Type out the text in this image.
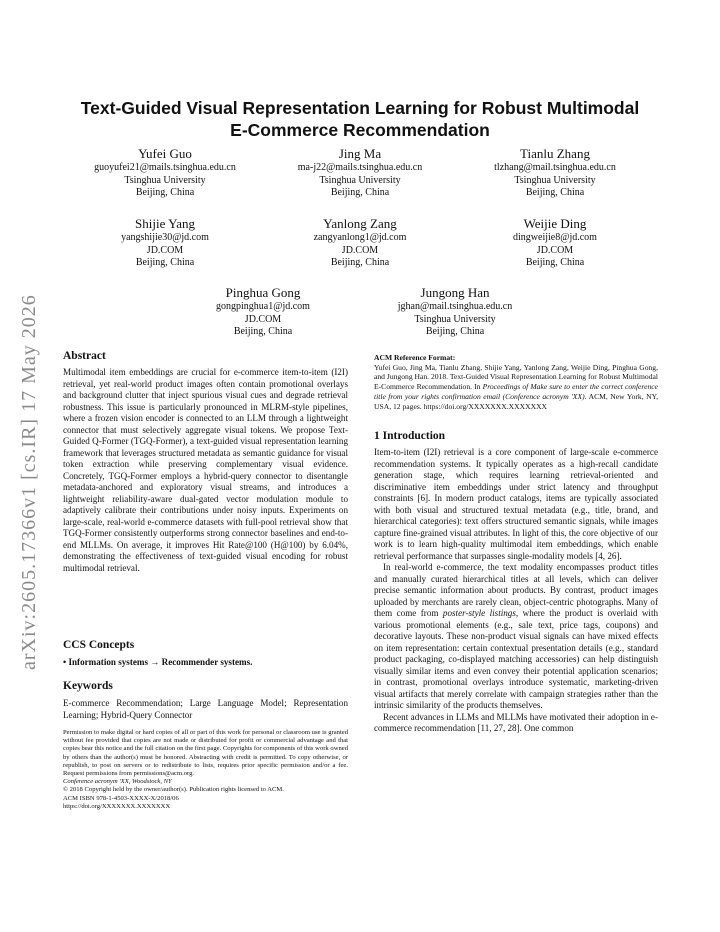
arXiv:2605.17366v1 [cs.IR] 17 May 2026
Text-Guided Visual Representation Learning for Robust Multimodal E-Commerce Recommendation
Yufei Guo
guoyufei21@mails.tsinghua.edu.cn
Tsinghua University
Beijing, China
Jing Ma
ma-j22@mails.tsinghua.edu.cn
Tsinghua University
Beijing, China
Tianlu Zhang
tlzhang@mail.tsinghua.edu.cn
Tsinghua University
Beijing, China
Shijie Yang
yangshijie30@jd.com
JD.COM
Beijing, China
Yanlong Zang
zangyanlong1@jd.com
JD.COM
Beijing, China
Weijie Ding
dingweijie8@jd.com
JD.COM
Beijing, China
Pinghua Gong
gongpinghua1@jd.com
JD.COM
Beijing, China
Jungong Han
jghan@mail.tsinghua.edu.cn
Tsinghua University
Beijing, China
Abstract
Multimodal item embeddings are crucial for e-commerce item-to-item (I2I) retrieval, yet real-world product images often contain promotional overlays and background clutter that inject spurious visual cues and degrade retrieval robustness. This issue is particularly pronounced in MLRM-style pipelines, where a frozen vision encoder is connected to an LLM through a lightweight connector that must selectively aggregate visual tokens. We propose Text-Guided Q-Former (TGQ-Former), a text-guided visual representation learning framework that leverages structured metadata as semantic guidance for visual token extraction while preserving complementary visual evidence. Concretely, TGQ-Former employs a hybrid-query connector to disentangle metadata-anchored and exploratory visual streams, and introduces a lightweight reliability-aware dual-gated vector modulation module to adaptively calibrate their contributions under noisy inputs. Experiments on large-scale, real-world e-commerce datasets with full-pool retrieval show that TGQ-Former consistently outperforms strong connector baselines and end-to-end MLLMs. On average, it improves Hit Rate@100 (H@100) by 6.04%, demonstrating the effectiveness of text-guided visual encoding for robust multimodal retrieval.
CCS Concepts
• Information systems → Recommender systems.
Keywords
E-commerce Recommendation; Large Language Model; Representation Learning; Hybrid-Query Connector
Permission to make digital or hard copies of all or part of this work for personal or classroom use is granted without fee provided that copies are not made or distributed for profit or commercial advantage and that copies bear this notice and the full citation on the first page. Copyrights for components of this work owned by others than the author(s) must be honored. Abstracting with credit is permitted. To copy otherwise, or republish, to post on servers or to redistribute to lists, requires prior specific permission and/or a fee. Request permissions from permissions@acm.org.
Conference acronym 'XX, Woodstock, NY
© 2018 Copyright held by the owner/author(s). Publication rights licensed to ACM.
ACM ISBN 978-1-4503-XXXX-X/2018/06
https://doi.org/XXXXXXX.XXXXXXX
ACM Reference Format:

Yufei Guo, Jing Ma, Tianlu Zhang, Shijie Yang, Yanlong Zang, Weijie Ding, Pinghua Gong, and Jungong Han. 2018. Text-Guided Visual Representation Learning for Robust Multimodal E-Commerce Recommendation. In Proceedings of Make sure to enter the correct conference title from your rights confirmation email (Conference acronym 'XX). ACM, New York, NY, USA, 12 pages. https://doi.org/XXXXXXX.XXXXXXX

1 Introduction

Item-to-item (I2I) retrieval is a core component of large-scale e-commerce recommendation systems. It typically operates as a high-recall candidate generation stage, which requires learning retrieval-oriented and discriminative item embeddings under strict latency and throughput constraints [6]. In modern product catalogs, items are typically associated with both visual and structured textual metadata (e.g., title, brand, and hierarchical categories): text offers structured semantic signals, while images capture fine-grained visual attributes. In light of this, the core objective of our work is to learn high-quality multimodal item embeddings, which enable retrieval performance that surpasses single-modality models [4, 26].

In real-world e-commerce, the text modality encompasses product titles and manually curated hierarchical titles at all levels, which can deliver precise semantic information about products. By contrast, product images uploaded by merchants are rarely clean, object-centric photographs. Many of them come from poster-style listings, where the product is overlaid with various promotional elements (e.g., sale text, price tags, coupons) and decorative layouts. These non-product visual signals can have mixed effects on item representation: certain contextual presentation details (e.g., standard product packaging, co-displayed matching accessories) can help distinguish visually similar items and even convey their potential application scenarios; in contrast, promotional overlays introduce systematic, marketing-driven visual artifacts that merely correlate with campaign strategies rather than the intrinsic similarity of the products themselves.

Recent advances in LLMs and MLLMs have motivated their adoption in e-commerce recommendation [11, 27, 28]. One common
